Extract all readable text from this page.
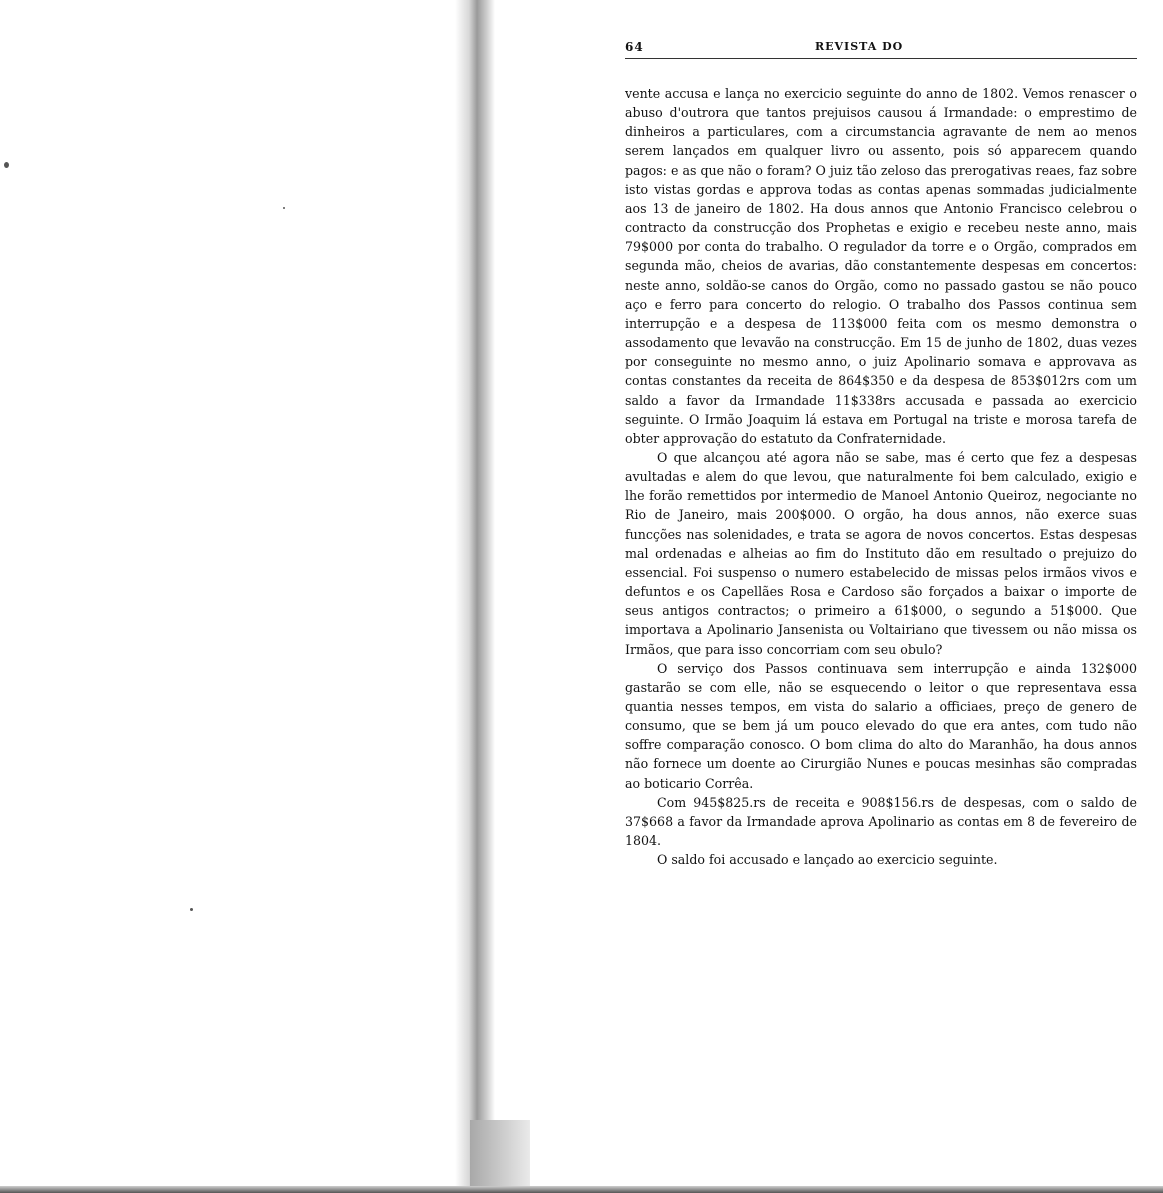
64	REVISTA DO

vente accusa e lança no exercicio seguinte do anno de 1802. Vemos renascer o abuso d'outrora que tantos prejuisos causou á Irmandade: o emprestimo de dinheiros a particulares, com a circumstancia agravante de nem ao menos serem lançados em qualquer livro ou assento, pois só apparecem quando pagos: e as que não o foram? O juiz tão zeloso das prerogativas reaes, faz sobre isto vistas gordas e approva todas as contas apenas sommadas judicialmente aos 13 de janeiro de 1802. Ha dous annos que Antonio Francisco celebrou o contracto da construcção dos Prophetas e exigio e recebeu neste anno, mais 79$000 por conta do trabalho. O regulador da torre e o Orgão, comprados em segunda mão, cheios de avarias, dão constantemente despesas em concertos: neste anno, soldão-se canos do Orgão, como no passado gastou se não pouco aço e ferro para concerto do relogio. O trabalho dos Passos continua sem interrupção e a despesa de 113$000 feita com os mesmo demonstra o assodamento que levavão na construcção. Em 15 de junho de 1802, duas vezes por conseguinte no mesmo anno, o juiz Apolinario somava e approvava as contas constantes da receita de 864$350 e da despesa de 853$012rs com um saldo a favor da Irmandade 11$338rs accusada e passada ao exercicio seguinte. O Irmão Joaquim lá estava em Portugal na triste e morosa tarefa de obter approvação do estatuto da Confraternidade.

O que alcançou até agora não se sabe, mas é certo que fez a despesas avultadas e alem do que levou, que naturalmente foi bem calculado, exigio e lhe forão remettidos por intermedio de Manoel Antonio Queiroz, negociante no Rio de Janeiro, mais 200$000. O orgão, ha dous annos, não exerce suas funcções nas solenidades, e trata se agora de novos concertos. Estas despesas mal ordenadas e alheias ao fim do Instituto dão em resultado o prejuizo do essencial. Foi suspenso o numero estabelecido de missas pelos irmãos vivos e defuntos e os Capellães Rosa e Cardoso são forçados a baixar o importe de seus antigos contractos; o primeiro a 61$000, o segundo a 51$000. Que importava a Apolinario Jansenista ou Voltairiano que tivessem ou não missa os Irmãos, que para isso concorriam com seu obulo?

O serviço dos Passos continuava sem interrupção e ainda 132$000 gastarão se com elle, não se esquecendo o leitor o que representava essa quantia nesses tempos, em vista do salario a officiaes, preço de genero de consumo, que se bem já um pouco elevado do que era antes, com tudo não soffre comparação conosco. O bom clima do alto do Maranhão, ha dous annos não fornece um doente ao Cirurgião Nunes e poucas mesinhas são compradas ao boticario Corrêa.

Com 945$825.rs de receita e 908$156.rs de despesas, com o saldo de 37$668 a favor da Irmandade aprova Apolinario as contas em 8 de fevereiro de 1804.

O saldo foi accusado e lançado ao exercicio seguinte.
